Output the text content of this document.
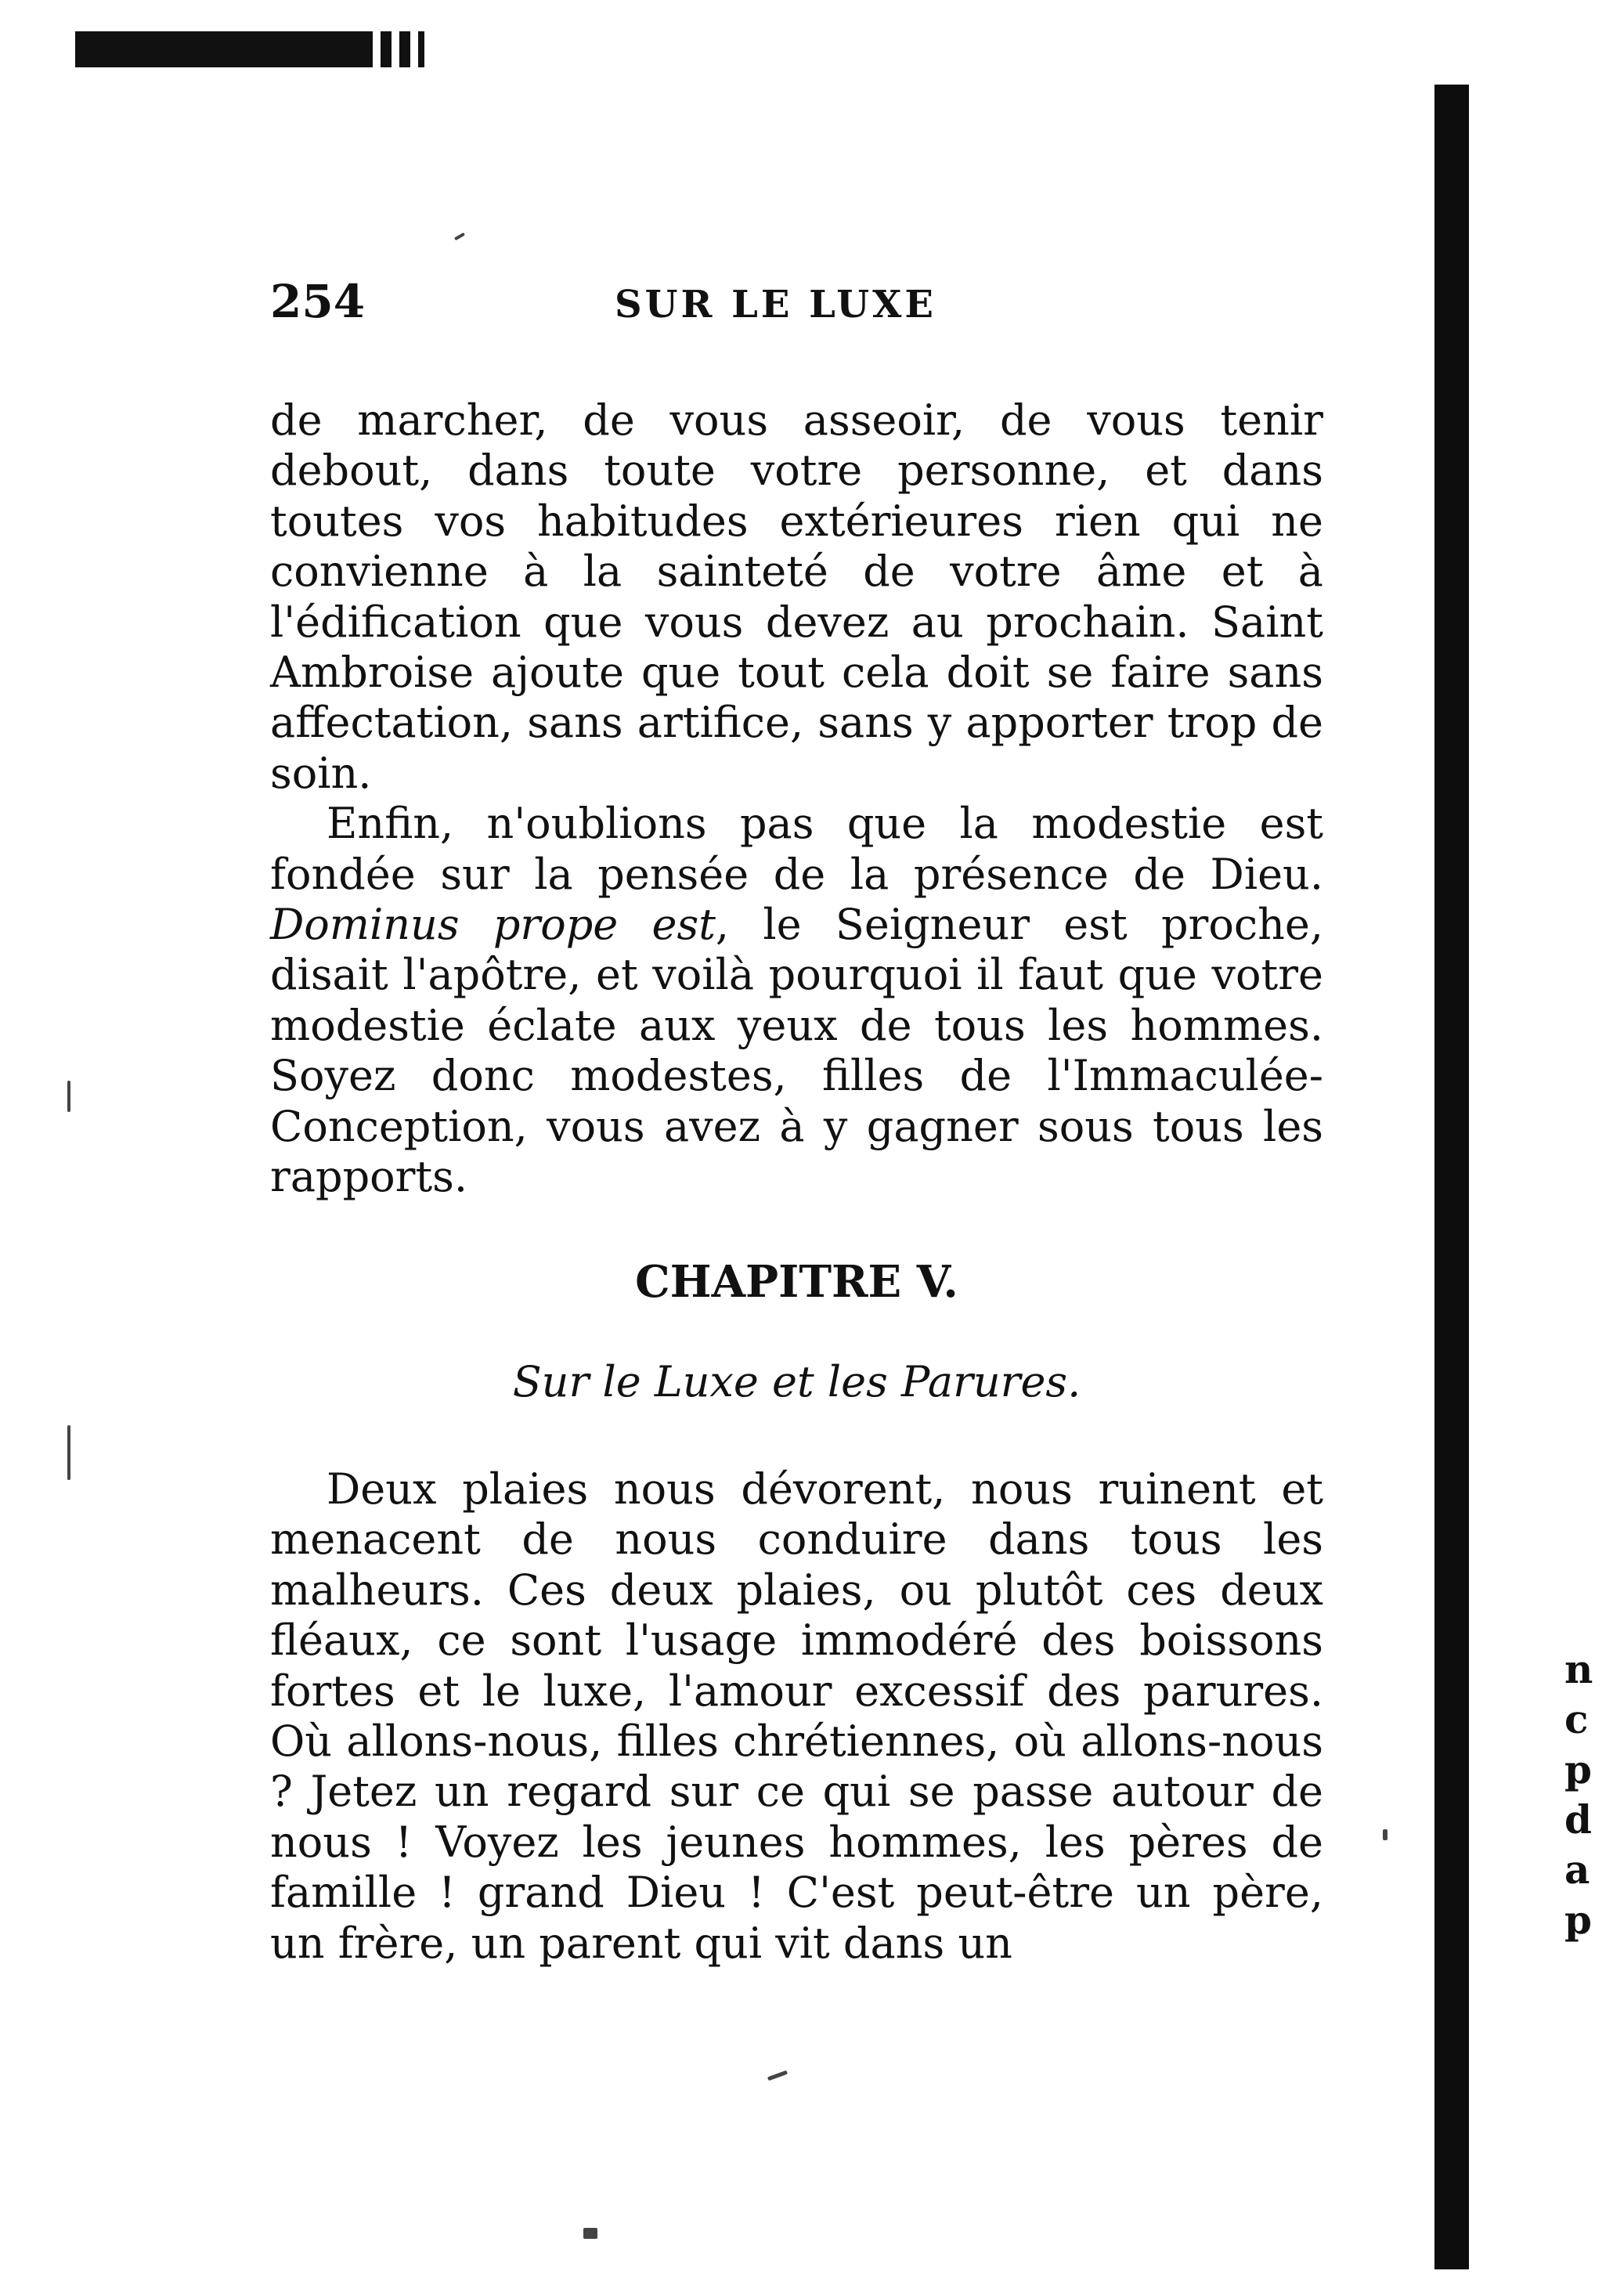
254	SUR LE LUXE

de marcher, de vous asseoir, de vous tenir debout, dans toute votre personne, et dans toutes vos habitudes extérieures rien qui ne convienne à la sainteté de votre âme et à l'édification que vous devez au prochain. Saint Ambroise ajoute que tout cela doit se faire sans affectation, sans artifice, sans y apporter trop de soin.

Enfin, n'oublions pas que la modestie est fondée sur la pensée de la présence de Dieu. Dominus prope est, le Seigneur est proche, disait l'apôtre, et voilà pourquoi il faut que votre modestie éclate aux yeux de tous les hommes. Soyez donc modestes, filles de l'Immaculée-Conception, vous avez à y gagner sous tous les rapports.

CHAPITRE V.
Sur le Luxe et les Parures.

Deux plaies nous dévorent, nous ruinent et menacent de nous conduire dans tous les malheurs. Ces deux plaies, ou plutôt ces deux fléaux, ce sont l'usage immodéré des boissons fortes et le luxe, l'amour excessif des parures. Où allons-nous, filles chrétiennes, où allons-nous ? Jetez un regard sur ce qui se passe autour de nous ! Voyez les jeunes hommes, les pères de famille ! grand Dieu ! C'est peut-être un père, un frère, un parent qui vit dans un

n
c
p
d
a
p
